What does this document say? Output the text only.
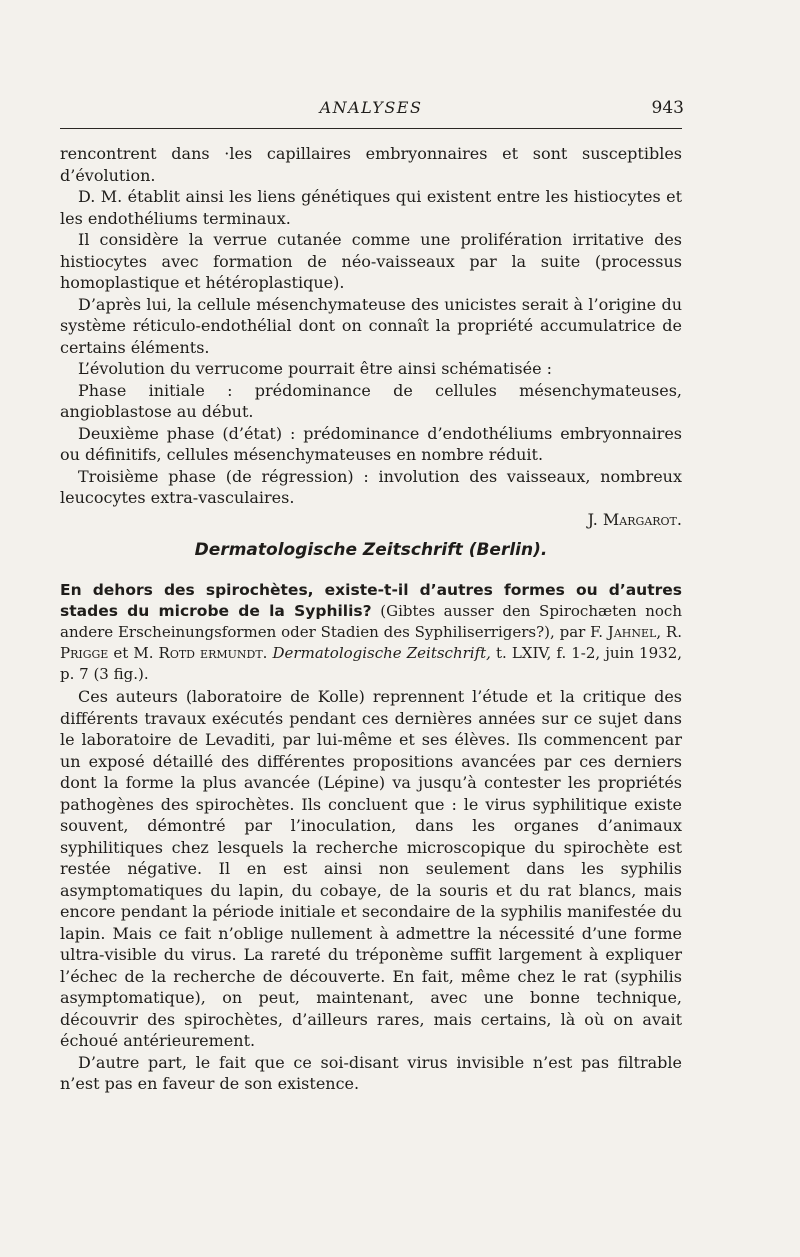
ANALYSES	943

rencontrent dans ·les capillaires embryonnaires et sont susceptibles d’évolution.

D. M. établit ainsi les liens génétiques qui existent entre les histiocytes et les endothéliums terminaux.

Il considère la verrue cutanée comme une prolifération irritative des histiocytes avec formation de néo-vaisseaux par la suite (processus homoplastique et hétéroplastique).

D’après lui, la cellule mésenchymateuse des unicistes serait à l’origine du système réticulo-endothélial dont on connaît la propriété accumulatrice de certains éléments.

L’évolution du verrucome pourrait être ainsi schématisée :

Phase initiale : prédominance de cellules mésenchymateuses, angioblastose au début.

Deuxième phase (d’état) : prédominance d’endothéliums embryonnaires ou définitifs, cellules mésenchymateuses en nombre réduit.

Troisième phase (de régression) : involution des vaisseaux, nombreux leucocytes extra-vasculaires.

J. Margarot.
Dermatologische Zeitschrift (Berlin).
En dehors des spirochètes, existe-t-il d’autres formes ou d’autres stades du microbe de la Syphilis? (Gibtes ausser den Spirochæten noch andere Erscheinungsformen oder Stadien des Syphiliserrigers?), par F. Jahnel, R. Prigge et M. Rotd ermundt. Dermatologische Zeitschrift, t. LXIV, f. 1-2, juin 1932, p. 7 (3 fig.).

Ces auteurs (laboratoire de Kolle) reprennent l’étude et la critique des différents travaux exécutés pendant ces dernières années sur ce sujet dans le laboratoire de Levaditi, par lui-même et ses élèves. Ils commencent par un exposé détaillé des différentes propositions avancées par ces derniers dont la forme la plus avancée (Lépine) va jusqu’à contester les propriétés pathogènes des spirochètes. Ils concluent que : le virus syphilitique existe souvent, démontré par l’inoculation, dans les organes d’animaux syphilitiques chez lesquels la recherche microscopique du spirochète est restée négative. Il en est ainsi non seulement dans les syphilis asymptomatiques du lapin, du cobaye, de la souris et du rat blancs, mais encore pendant la période initiale et secondaire de la syphilis manifestée du lapin. Mais ce fait n’oblige nullement à admettre la nécessité d’une forme ultra-visible du virus. La rareté du tréponème suffit largement à expliquer l’échec de la recherche de découverte. En fait, même chez le rat (syphilis asymptomatique), on peut, maintenant, avec une bonne technique, découvrir des spirochètes, d’ailleurs rares, mais certains, là où on avait échoué antérieurement.

D’autre part, le fait que ce soi-disant virus invisible n’est pas filtrable n’est pas en faveur de son existence.
